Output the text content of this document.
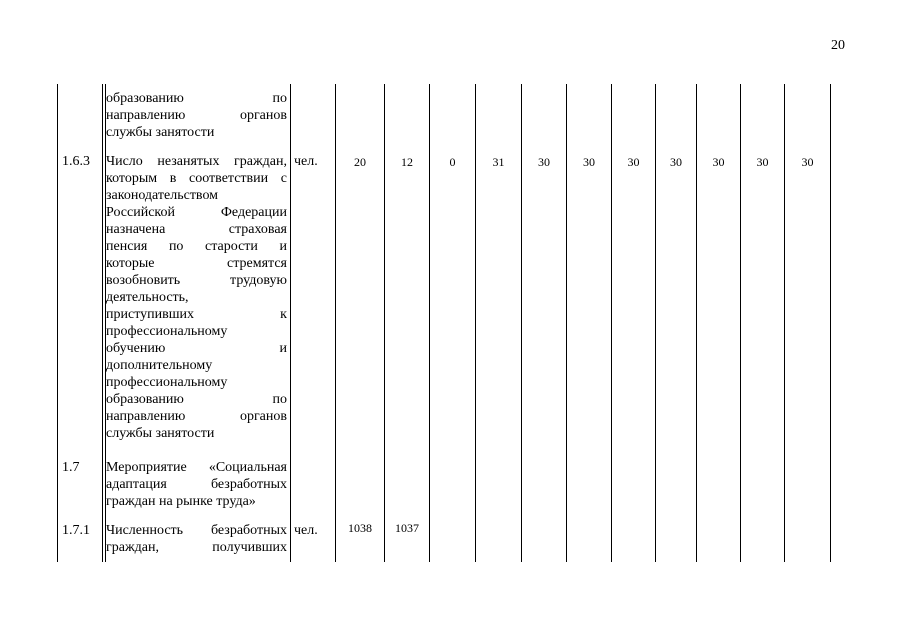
20
образованию по
направлению органов
службы занятости
1.6.3 Число незанятых граждан,
которым в соответствии с
законодательством
Российской Федерации
назначена страховая
пенсия по старости и
которые стремятся
возобновить трудовую
деятельность,
приступивших к
профессиональному
обучению и
дополнительному
профессиональному
образованию по
направлению органов
службы занятости
чел.	20	12	0	31	30	30	30	30	30	30	30
1.7 Мероприятие «Социальная
адаптация безработных
граждан на рынке труда»
1.7.1 Численность безработных
граждан, получивших
чел.	1038	1037
